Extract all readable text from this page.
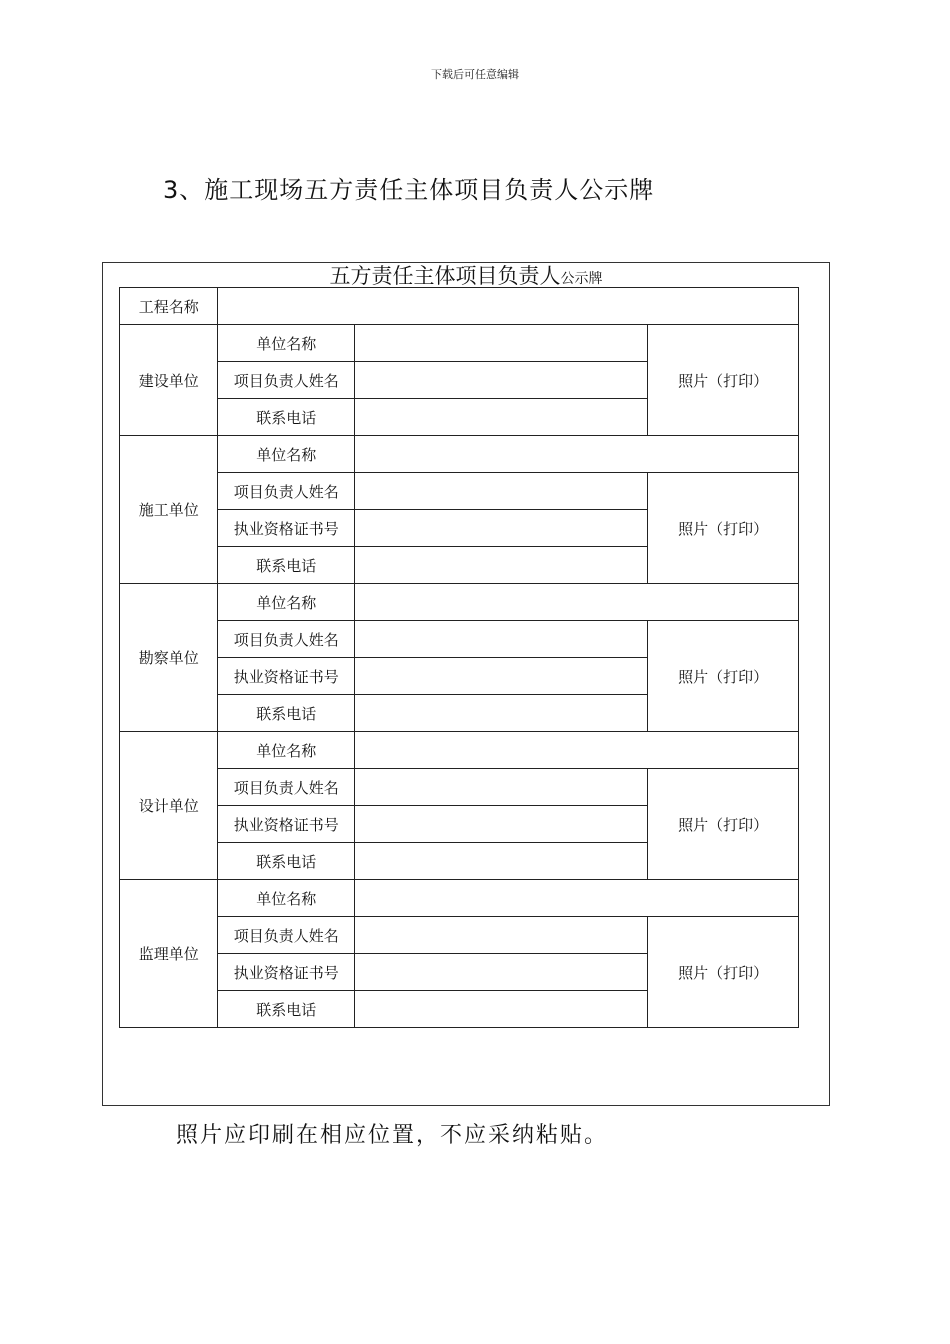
下载后可任意编辑
3、施工现场五方责任主体项目负责人公示牌
五方责任主体项目负责人公示牌
工程名称			
建设单位	单位名称		照片（打印）
	项目负责人姓名		
	联系电话		
施工单位	单位名称		
	项目负责人姓名		照片（打印）
	执业资格证书号		
	联系电话		
勘察单位	单位名称		
	项目负责人姓名		照片（打印）
	执业资格证书号		
	联系电话		
设计单位	单位名称		
	项目负责人姓名		照片（打印）
	执业资格证书号		
	联系电话		
监理单位	单位名称		
	项目负责人姓名		照片（打印）
	执业资格证书号		
	联系电话		
照片应印刷在相应位置，不应采纳粘贴。
